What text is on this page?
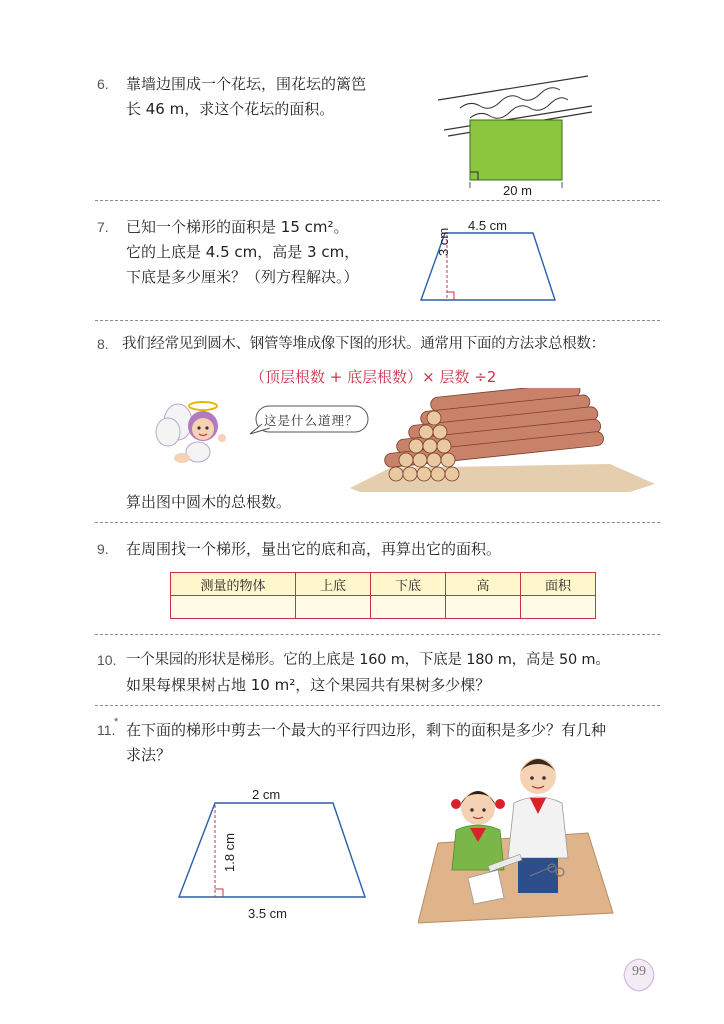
6. 靠墙边围成一个花坛，围花坛的篱笆
长 46 m，求这个花坛的面积。
20 m
7. 已知一个梯形的面积是 15 cm²。
它的上底是 4.5 cm，高是 3 cm，
下底是多少厘米？（列方程解决。）
4.5 cm
3 cm
8. 我们经常见到圆木、钢管等堆成像下图的形状。通常用下面的方法求总根数：
（顶层根数 + 底层根数）× 层数 ÷2
这是什么道理？
算出图中圆木的总根数。
9. 在周围找一个梯形，量出它的底和高，再算出它的面积。
测量的物体	上底	下底	高	面积

10. 一个果园的形状是梯形。它的上底是 160 m，下底是 180 m，高是 50 m。
如果每棵果树占地 10 m²，这个果园共有果树多少棵？
11.
* 在下面的梯形中剪去一个最大的平行四边形，剩下的面积是多少？有几种
求法？
2 cm
1.8 cm
3.5 cm
99
